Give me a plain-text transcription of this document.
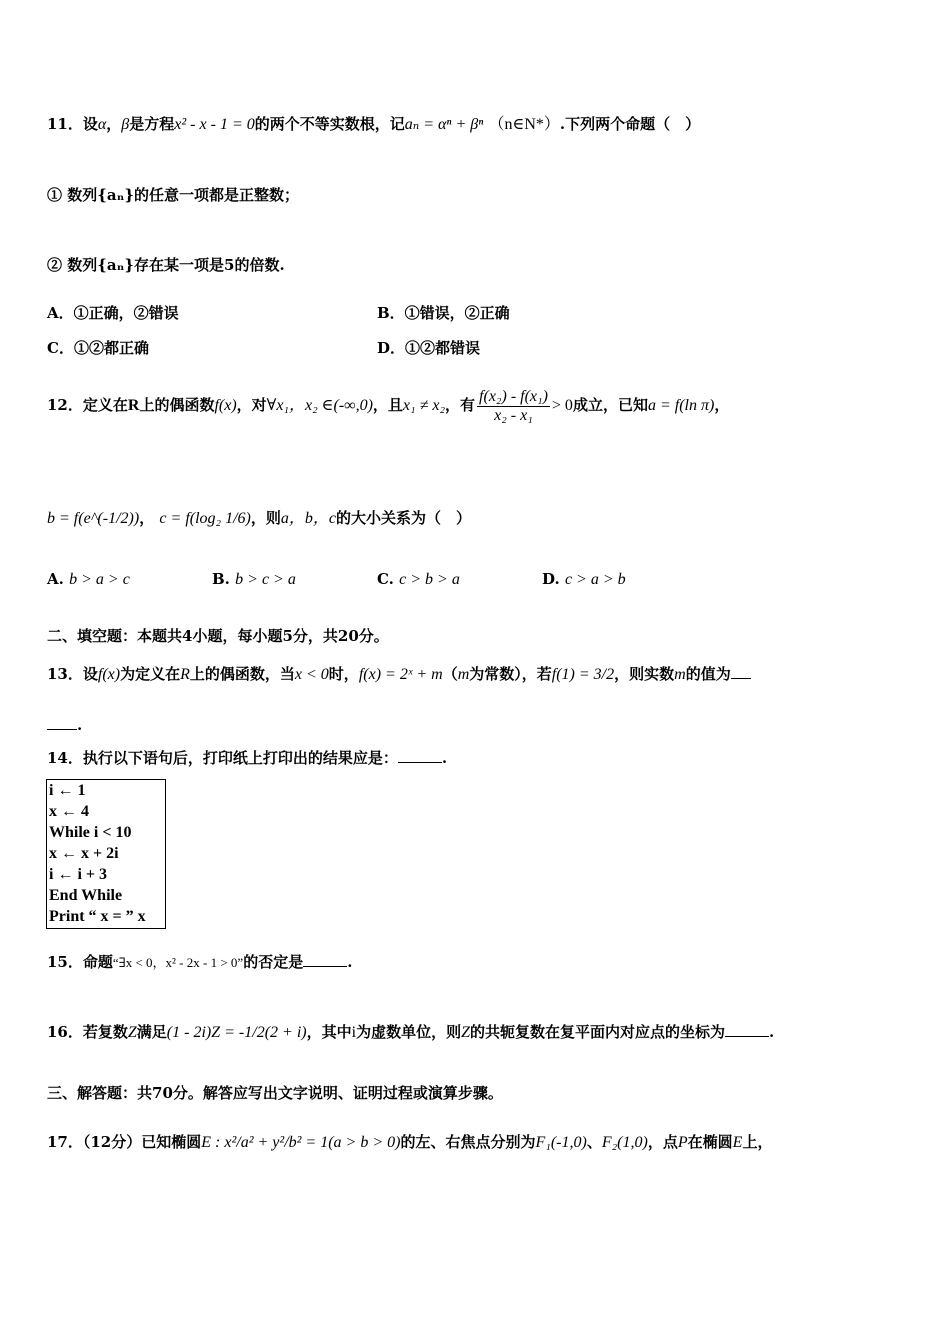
11．设α，β是方程x² - x - 1 = 0的两个不等实数根，记aₙ = αⁿ + βⁿ （n∈N*）.下列两个命题（　）
① 数列{aₙ}的任意一项都是正整数；
② 数列{aₙ}存在某一项是5的倍数.
A．①正确，②错误	B．①错误，②正确
C．①②都正确	D．①②都错误
12．定义在R上的偶函数f(x)，对∀x₁，x₂ ∈(-∞,0)，且x₁ ≠ x₂，有 $\frac{\text{f(x₂) - f(x₁)}}{\text{x₂ - x₁}} > 0$成立，已知a = f(ln π)，
b = f(e^(-1/2))， c = f(log₂ 1/6)，则a，b，c的大小关系为（　）
A. b > a > c	B. b > c > a	C. c > b > a	D. c > a > b
二、填空题：本题共4小题，每小题5分，共20分。
13．设f(x)为定义在R上的偶函数，当x < 0时，f(x) = 2ˣ + m（m为常数），若f(1) = 3/2，则实数m的值为
.
14．执行以下语句后，打印纸上打印出的结果应是：	.
i ← 1
x ← 4
While i < 10
x ← x + 2i
i ← i + 3
End While
Print “ x = ” x
15．命题“∃x < 0，x² - 2x - 1 > 0”的否定是	.
16．若复数Z满足(1 - 2i)Z = -1/2(2 + i)，其中i为虚数单位，则Z的共轭复数在复平面内对应点的坐标为	.
三、解答题：共70分。解答应写出文字说明、证明过程或演算步骤。
17．（12分）已知椭圆E : x²/a² + y²/b² = 1(a > b > 0)的左、右焦点分别为F₁(-1,0)、F₂(1,0)，点P在椭圆E上，
